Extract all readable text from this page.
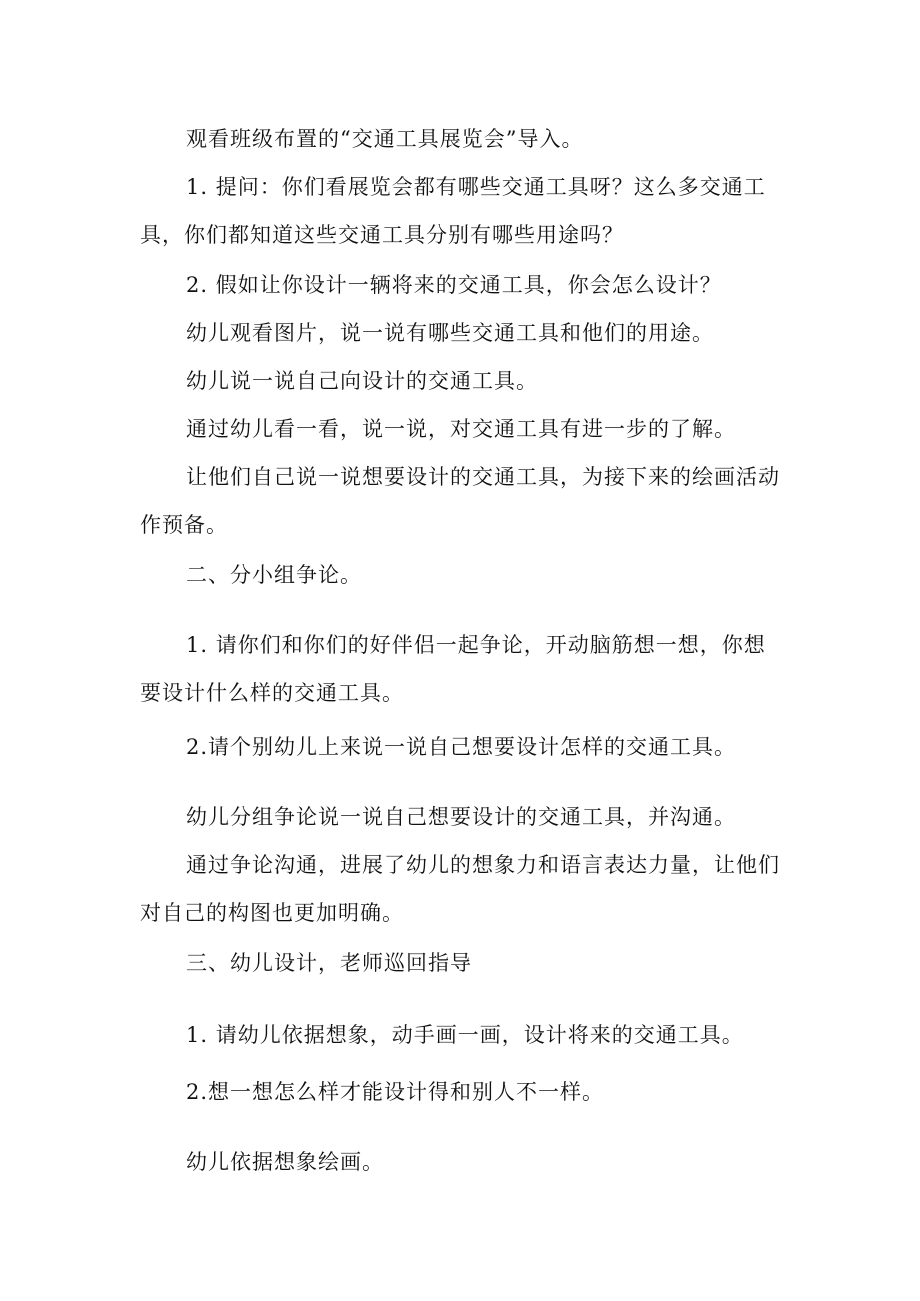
观看班级布置的“交通工具展览会”导入。

1. 提问：你们看展览会都有哪些交通工具呀？这么多交通工具，你们都知道这些交通工具分别有哪些用途吗？

2. 假如让你设计一辆将来的交通工具，你会怎么设计？

幼儿观看图片，说一说有哪些交通工具和他们的用途。

幼儿说一说自己向设计的交通工具。

通过幼儿看一看，说一说，对交通工具有进一步的了解。

让他们自己说一说想要设计的交通工具，为接下来的绘画活动作预备。

二、分小组争论。

1. 请你们和你们的好伴侣一起争论，开动脑筋想一想，你想要设计什么样的交通工具。

2.请个别幼儿上来说一说自己想要设计怎样的交通工具。

幼儿分组争论说一说自己想要设计的交通工具，并沟通。

通过争论沟通，进展了幼儿的想象力和语言表达力量，让他们对自己的构图也更加明确。

三、幼儿设计，老师巡回指导

1. 请幼儿依据想象，动手画一画，设计将来的交通工具。

2.想一想怎么样才能设计得和别人不一样。

幼儿依据想象绘画。
